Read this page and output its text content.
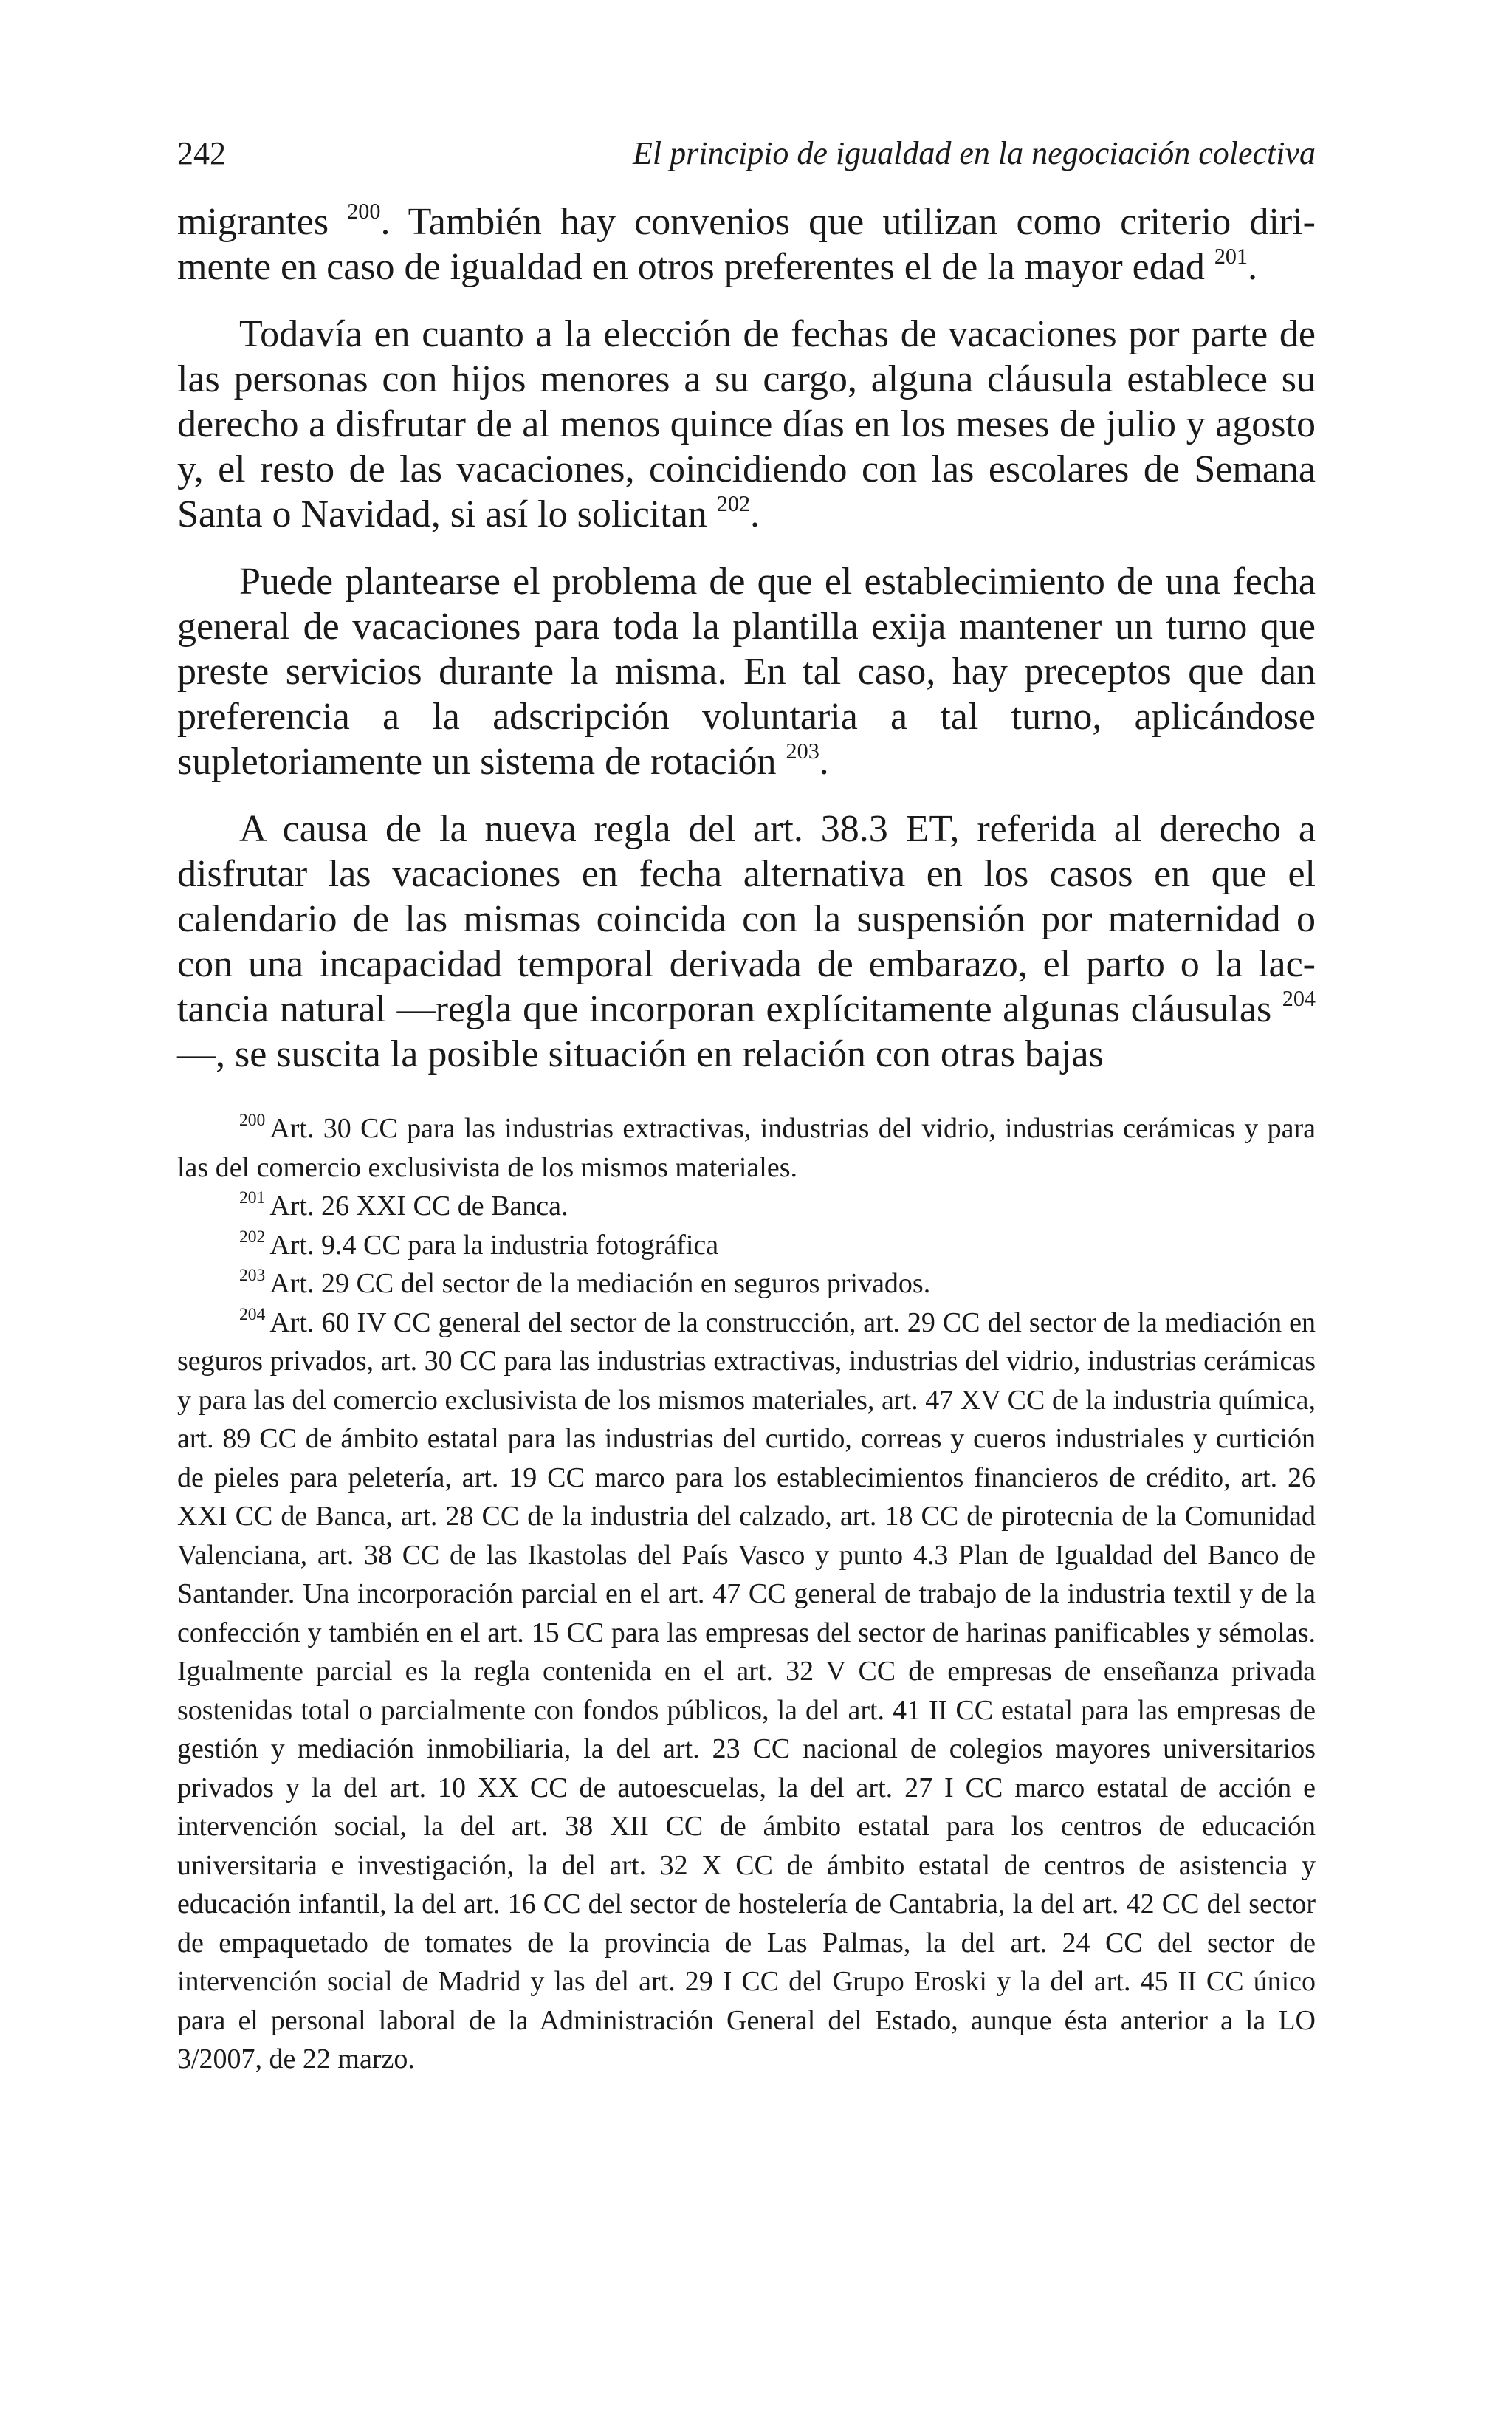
242	El principio de igualdad en la negociación colectiva

migrantes $^{200}$. También hay convenios que utilizan como criterio dirimente en caso de igualdad en otros preferentes el de la mayor edad $^{201}$.

Todavía en cuanto a la elección de fechas de vacaciones por parte de las personas con hijos menores a su cargo, alguna cláusula establece su derecho a disfrutar de al menos quince días en los meses de julio y agosto y, el resto de las vacaciones, coincidiendo con las escolares de Semana Santa o Navidad, si así lo solicitan $^{202}$.

Puede plantearse el problema de que el establecimiento de una fecha general de vacaciones para toda la plantilla exija mantener un turno que preste servicios durante la misma. En tal caso, hay preceptos que dan preferencia a la adscripción voluntaria a tal turno, aplicándose supletoriamente un sistema de rotación $^{203}$.

A causa de la nueva regla del art. 38.3 ET, referida al derecho a disfrutar las vacaciones en fecha alternativa en los casos en que el calendario de las mismas coincida con la suspensión por maternidad o con una incapacidad temporal derivada de embarazo, el parto o la lactancia natural —regla que incorporan explícitamente algunas cláusulas $^{204}$—, se suscita la posible situación en relación con otras bajas

$^{200}$ Art. 30 CC para las industrias extractivas, industrias del vidrio, industrias cerámicas y para las del comercio exclusivista de los mismos materiales.

$^{201}$ Art. 26 XXI CC de Banca.

$^{202}$ Art. 9.4 CC para la industria fotográfica

$^{203}$ Art. 29 CC del sector de la mediación en seguros privados.

$^{204}$ Art. 60 IV CC general del sector de la construcción, art. 29 CC del sector de la mediación en seguros privados, art. 30 CC para las industrias extractivas, industrias del vidrio, industrias cerámicas y para las del comercio exclusivista de los mismos materiales, art. 47 XV CC de la industria química, art. 89 CC de ámbito estatal para las industrias del curtido, correas y cueros industriales y curtición de pieles para peletería, art. 19 CC marco para los establecimientos financieros de crédito, art. 26 XXI CC de Banca, art. 28 CC de la industria del calzado, art. 18 CC de pirotecnia de la Comunidad Valenciana, art. 38 CC de las Ikastolas del País Vasco y punto 4.3 Plan de Igualdad del Banco de Santander. Una incorporación parcial en el art. 47 CC general de trabajo de la industria textil y de la confección y también en el art. 15 CC para las empresas del sector de harinas panificables y sémolas. Igualmente parcial es la regla contenida en el art. 32 V CC de empresas de enseñanza privada sostenidas total o parcialmente con fondos públicos, la del art. 41 II CC estatal para las empresas de gestión y mediación inmobiliaria, la del art. 23 CC nacional de colegios mayores universitarios privados y la del art. 10 XX CC de autoescuelas, la del art. 27 I CC marco estatal de acción e intervención social, la del art. 38 XII CC de ámbito estatal para los centros de educación universitaria e investigación, la del art. 32 X CC de ámbito estatal de centros de asistencia y educación infantil, la del art. 16 CC del sector de hostelería de Cantabria, la del art. 42 CC del sector de empaquetado de tomates de la provincia de Las Palmas, la del art. 24 CC del sector de intervención social de Madrid y las del art. 29 I CC del Grupo Eroski y la del art. 45 II CC único para el personal laboral de la Administración General del Estado, aunque ésta anterior a la LO 3/2007, de 22 marzo.
